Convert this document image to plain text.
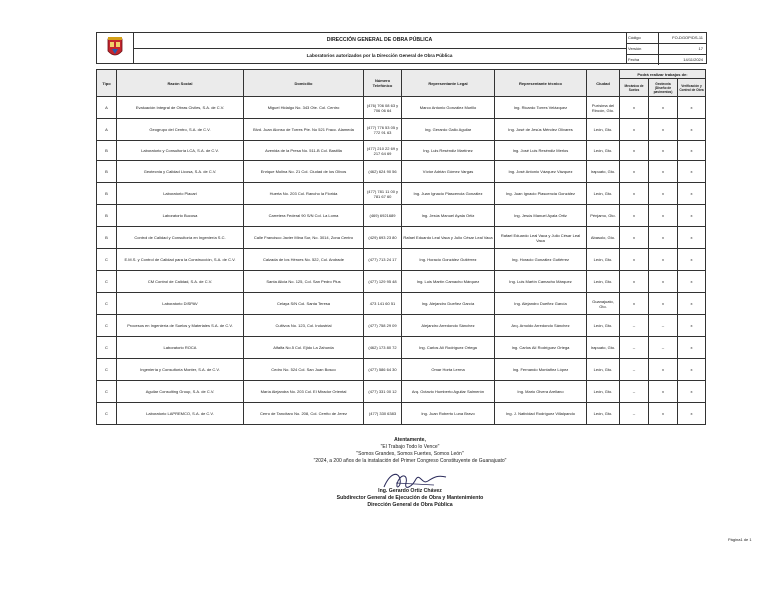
DIRECCIÓN GENERAL DE OBRA PÚBLICA
Laboratorios autorizados por la Dirección General de Obra Pública
Código	FO-DGOP/DS-11
Versión	17
Fecha	14/11/2024
Tipo	Razón Social	Domicilio	Número Telefónico	Representante Legal	Representante técnico	Ciudad	Podrá realizar trabajos de:		
							Mecánica de Suelos	Geotecnia (Diseño de pavimentos)	Verificación y Control de Obra
A	Evaluación Integral de Obras Civiles, S.A. de C.V.	Miguel Hidalgo No. 343 Ote. Col. Centro	(476) 706 08 63 y 706 06 64	Marco Antonio González Murillo	Ing. Ricardo Torres Velázquez	Purísima del Rincón, Gto.	x	x	x
A	Geogrupo del Centro, S.A. de C.V.	Blvd. Juan Alonso de Torres Pte. No 521 Fracc. Alameda	(477) 776 53 05 y 772 91 63	Ing. Gerardo Gallo Aguilar	Ing. José de Jesús Méndez Olivares	León, Gto.	x	x	x
B	Laboratorio y Consultoría LCA, S.A. de C.V.	Avenida de la Presa No. 511-B Col. Bastilla	(477) 210 22 69 y 217 64 69	Ing. Luis Reséndiz Martínez	Ing. José Luis Reséndiz Merlos	León, Gto.	x	x	x
B	Geotecnia y Calidad Licosa, S.A. de C.V.	Enrique Molina No. 21 Col. Ciudad de los Olivos	(462) 624 90 56	Víctor Adrián Gómez Vargas	Ing. José Antonio Vázquez Vázquez	Irapuato, Gto.	x	x	x
B	Laboratorio Placari	Huerta No. 203 Col. Rancho la Florida	(477) 781 11 00 y 781 67 60	Ing. Juan Ignacio Plascencia González	Ing. Juan Ignacio Plascencia González	León, Gto.	x	x	x
B	Laboratorio Bucosa	Carretera Federal 90 S/N Col. La Loma	(469) 6921689	Ing. Jesús Manuel Ayala Ortiz	Ing. Jesús Manuel Ayala Ortiz	Pénjamo, Gto.	x	x	x
B	Control de Calidad y Consultoría en Ingeniería S.C.	Calle Francisco Javier Mina Sur, No. 3014, Zona Centro	(429) 693 23 80	Rafael Eduardo Leal Vaca y Julio César Leal Vaca	Rafael Eduardo Leal Vaca y Julio César Leal Vaca	Abasolo, Gto.	x	x	x
C	E.M.S. y Control de Calidad para la Construcción, S.A. de C.V.	Calzada de los Héroes No. 522, Col. Andrade	(477) 713 24 17	Ing. Horacio González Gutiérrez	Ing. Horacio González Gutiérrez	León, Gto.	x	x	x
C	CM Control de Calidad, S.A. de C.V.	Santa Alicia No. 125, Col. San Pedro Plus	(477) 129 95 48	Ing. Luis Martín Camacho Márquez	Ing. Luis Martín Camacho Márquez	León, Gto.	x	x	x
C	Laboratorio DISPAV	Celaya S/N Col. Santa Teresa	473 141 60 51	Ing. Alejandro Dueñez García	Ing. Alejandro Dueñez García	Guanajuato, Gto.	x	x	x
C	Procesos en Ingeniería de Suelos y Materiales S.A. de C.V.	Cultivos No. 123, Col. Industrial	(477) 758 29 09	Alejandro Arredondo Sánchez	Arq. Arnoldo Arredondo Sánchez	León, Gto.	–	–	x
C	Laboratorio ROCA	Alfalfa No.5 Col. Ejido La Zahurda	(462) 173 80 72	Ing. Carlos Alí Rodríguez Ortega	Ing. Carlos Alí Rodríguez Ortega	Irapuato, Gto.	–	–	x
C	Ingeniería y Consultoría Monter, S.A. de C.V.	Cedro No. 524 Col. San Juan Bosco	(477) 586 64 30	Omar Horta Lerma	Ing. Fernando Montañez López	León, Gto.	–	x	x
C	Aguilar Consulting Group, S.A. de C.V.	María Alejandra No. 203 Col. El Mirador Oriental	(477) 331 00 12	Arq. Octavio Humberto Aguilar Salmerón	Ing. Mario Olvera Arellano	León, Gto.	–	x	x
C	Laboratorio LAPREMCO, S.A. de C.V.	Cerro de Tancítaro No. 208, Col. Cerrito de Jerez	(477) 330 6383	Ing. Juan Roberto Luna Bravo	Ing. J. Natividad Rodríguez Villalpando	León, Gto.	–	x	x
Atentamente,
"El Trabajo Todo lo Vence"
"Somos Grandes, Somos Fuertes, Somos León"
"2024, a 200 años de la instalación del Primer Congreso Constituyente de Guanajuato"
Ing. Gerardo Ortiz Chávez
Subdirector General de Ejecución de Obra y Mantenimiento
Dirección General de Obra Pública
Página1 de 1
